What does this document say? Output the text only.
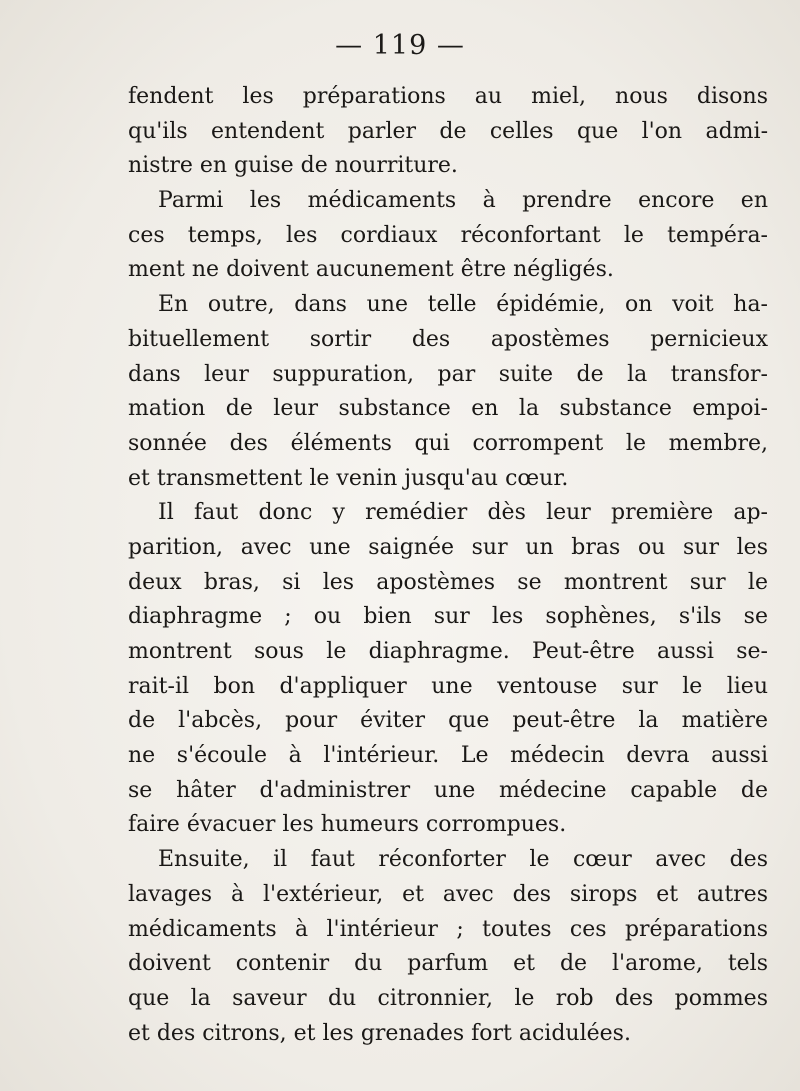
— 119 —
fendent les préparations au miel, nous disons
qu'ils entendent parler de celles que l'on admi-
nistre en guise de nourriture.
Parmi les médicaments à prendre encore en
ces temps, les cordiaux réconfortant le tempéra-
ment ne doivent aucunement être négligés.
En outre, dans une telle épidémie, on voit ha-
bituellement sortir des apostèmes pernicieux
dans leur suppuration, par suite de la transfor-
mation de leur substance en la substance empoi-
sonnée des éléments qui corrompent le membre,
et transmettent le venin jusqu'au cœur.
Il faut donc y remédier dès leur première ap-
parition, avec une saignée sur un bras ou sur les
deux bras, si les apostèmes se montrent sur le
diaphragme ; ou bien sur les sophènes, s'ils se
montrent sous le diaphragme. Peut-être aussi se-
rait-il bon d'appliquer une ventouse sur le lieu
de l'abcès, pour éviter que peut-être la matière
ne s'écoule à l'intérieur. Le médecin devra aussi
se hâter d'administrer une médecine capable de
faire évacuer les humeurs corrompues.
Ensuite, il faut réconforter le cœur avec des
lavages à l'extérieur, et avec des sirops et autres
médicaments à l'intérieur ; toutes ces préparations
doivent contenir du parfum et de l'arome, tels
que la saveur du citronnier, le rob des pommes
et des citrons, et les grenades fort acidulées.
